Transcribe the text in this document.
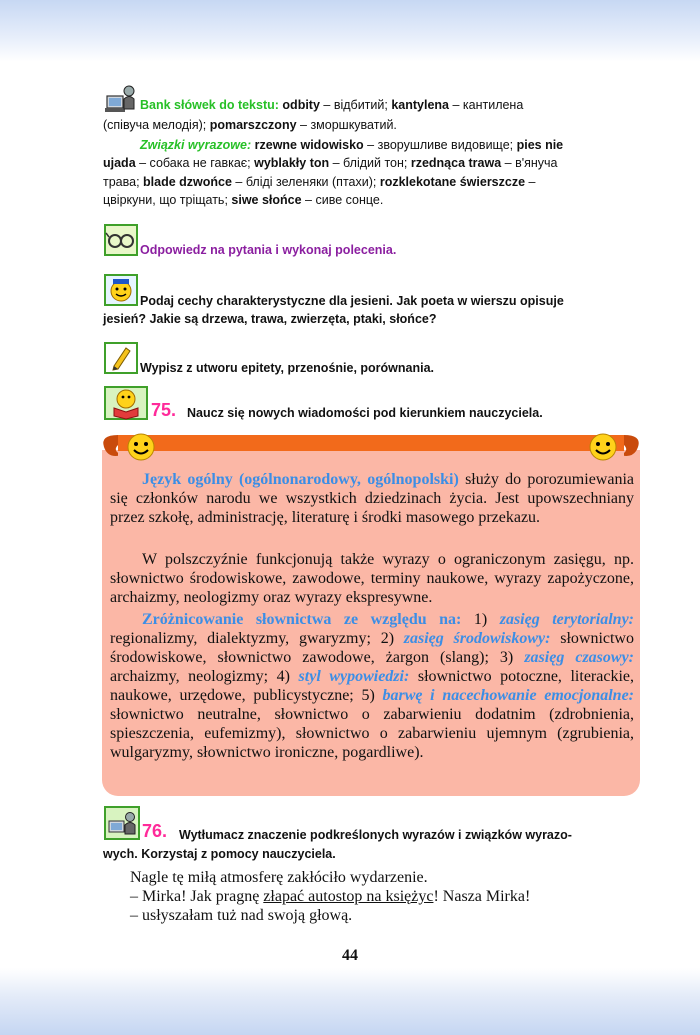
Bank słówek do tekstu: odbity – відбитий; kantylena – кантилена
(співуча мелодія); pomarszczony – зморшкуватий.
Związki wyrazowe: rzewne widowisko – зворушливе видовище; pies nie
ujada – собака не гавкає; wyblakły ton – блідий тон; rzednąca trawa – в'януча
трава; blade dzwońce – бліді зеленяки (птахи); rozklekotane świerszcze –
цвіркуни, що тріщать; siwe słońce – сиве сонце.
Odpowiedz na pytania i wykonaj polecenia.
Podaj cechy charakterystyczne dla jesieni. Jak poeta w wierszu opisuje
jesień? Jakie są drzewa, trawa, zwierzęta, ptaki, słońce?
Wypisz z utworu epitety, przenośnie, porównania.
75. Naucz się nowych wiadomości pod kierunkiem nauczyciela.
Język ogólny (ogólnonarodowy, ogólnopolski) służy do porozumiewania się członków narodu we wszystkich dziedzinach życia. Jest upowszechniany przez szkołę, administrację, literaturę i środki masowego przekazu.
W polszczyźnie funkcjonują także wyrazy o ograniczonym zasięgu, np. słownictwo środowiskowe, zawodowe, terminy naukowe, wyrazy zapożyczone, archaizmy, neologizmy oraz wyrazy ekspresywne.
Zróżnicowanie słownictwa ze względu na: 1) zasięg terytorialny: regionalizmy, dialektyzmy, gwaryzmy; 2) zasięg środowiskowy: słownictwo środowiskowe, słownictwo zawodowe, żargon (slang); 3) zasięg czasowy: archaizmy, neologizmy; 4) styl wypowiedzi: słownictwo potoczne, literackie, naukowe, urzędowe, publicystyczne; 5) barwę i nacechowanie emocjonalne: słownictwo neutralne, słownictwo o zabarwieniu dodatnim (zdrobnienia, spieszczenia, eufemizmy), słownictwo o zabarwieniu ujemnym (zgrubienia, wulgaryzmy, słownictwo ironiczne, pogardliwe).
76. Wytłumacz znaczenie podkreślonych wyrazów i związków wyrazo-
wych. Korzystaj z pomocy nauczyciela.
Nagle tę miłą atmosferę zakłóciło wydarzenie.
– Mirka! Jak pragnę złapać autostop na księżyc! Nasza Mirka!
– usłyszałam tuż nad swoją głową.
44
